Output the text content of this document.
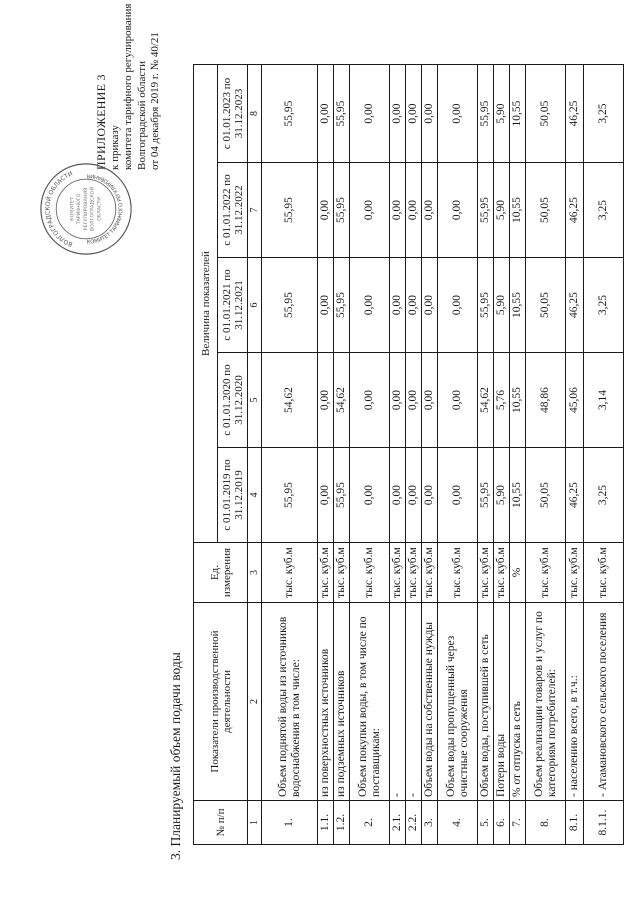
ПРИЛОЖЕНИЕ 3 к приказу комитета тарифного регулирования Волгоградской области от 04 декабря 2019 г. № 40/21
ВОЛГОГРАДСКОЙ ОБЛАСТИ
КОМИТЕТ ТАРИФНОГО РЕГУЛИРОВАНИЯ
КОМИТЕТ ТАРИФНОГО РЕГУЛИРОВАНИЯ ВОЛГОГРАДСКОЙ ОБЛАСТИ
3. Планируемый объем подачи воды	№ п/п	Показатели производственной деятельности	Ед. измерения	Величина показателей				
			с 01.01.2019 по 31.12.2019	с 01.01.2020 по 31.12.2020	с 01.01.2021 по 31.12.2021	с 01.01.2022 по 31.12.2022	с 01.01.2023 по 31.12.2023
1	2	3	4	5	6	7	8
1.	Объем поднятой воды из источников водоснабжения в том числе:	тыс. куб.м	55,95	54,62	55,95	55,95	55,95
1.1.	из поверхностных источников	тыс. куб.м	0,00	0,00	0,00	0,00	0,00
1.2.	из подземных источников	тыс. куб.м	55,95	54,62	55,95	55,95	55,95
2.	Объем покупки воды, в том числе по поставщикам:	тыс. куб.м	0,00	0,00	0,00	0,00	0,00
2.1.	-	тыс. куб.м	0,00	0,00	0,00	0,00	0,00
2.2.	-	тыс. куб.м	0,00	0,00	0,00	0,00	0,00
3.	Объем воды на собственные нужды	тыс. куб.м	0,00	0,00	0,00	0,00	0,00
4.	Объем воды пропущенный через очистные сооружения	тыс. куб.м	0,00	0,00	0,00	0,00	0,00
5.	Объем воды, поступившей в сеть	тыс. куб.м	55,95	54,62	55,95	55,95	55,95
6.	Потери воды	тыс. куб.м	5,90	5,76	5,90	5,90	5,90
7.	% от отпуска в сеть	%	10,55	10,55	10,55	10,55	10,55
8.	Объем реализации товаров и услуг по категориям потребителей:	тыс. куб.м	50,05	48,86	50,05	50,05	50,05
8.1.	- населению всего, в т.ч.:	тыс. куб.м	46,25	45,06	46,25	46,25	46,25
8.1.1.	- Атамановского сельского поселения	тыс. куб.м	3,25	3,14	3,25	3,25	3,25
